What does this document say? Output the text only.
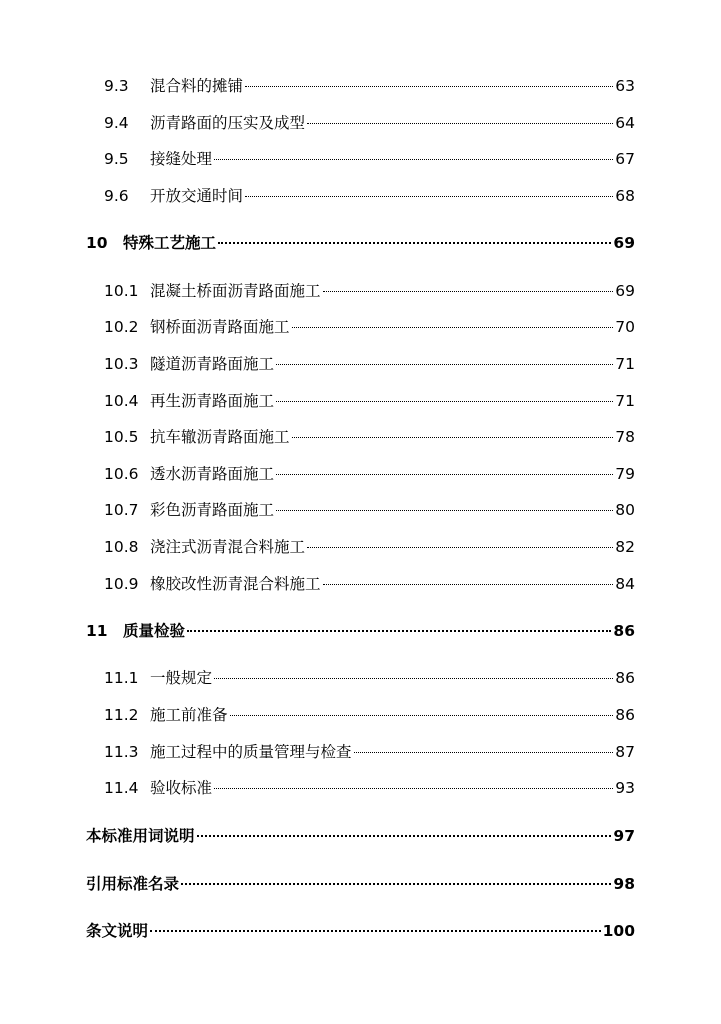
9.3	混合料的摊铺	63
9.4	沥青路面的压实及成型	64
9.5	接缝处理	67
9.6	开放交通时间	68
10 特殊工艺施工	69
10.1 混凝土桥面沥青路面施工	69
10.2 钢桥面沥青路面施工	70
10.3 隧道沥青路面施工	71
10.4 再生沥青路面施工	71
10.5 抗车辙沥青路面施工	78
10.6 透水沥青路面施工	79
10.7 彩色沥青路面施工	80
10.8 浇注式沥青混合料施工	82
10.9 橡胶改性沥青混合料施工	84
11 质量检验	86
11.1 一般规定	86
11.2 施工前准备	86
11.3 施工过程中的质量管理与检查	87
11.4 验收标准	93
本标准用词说明	97
引用标准名录	98
条文说明	100
